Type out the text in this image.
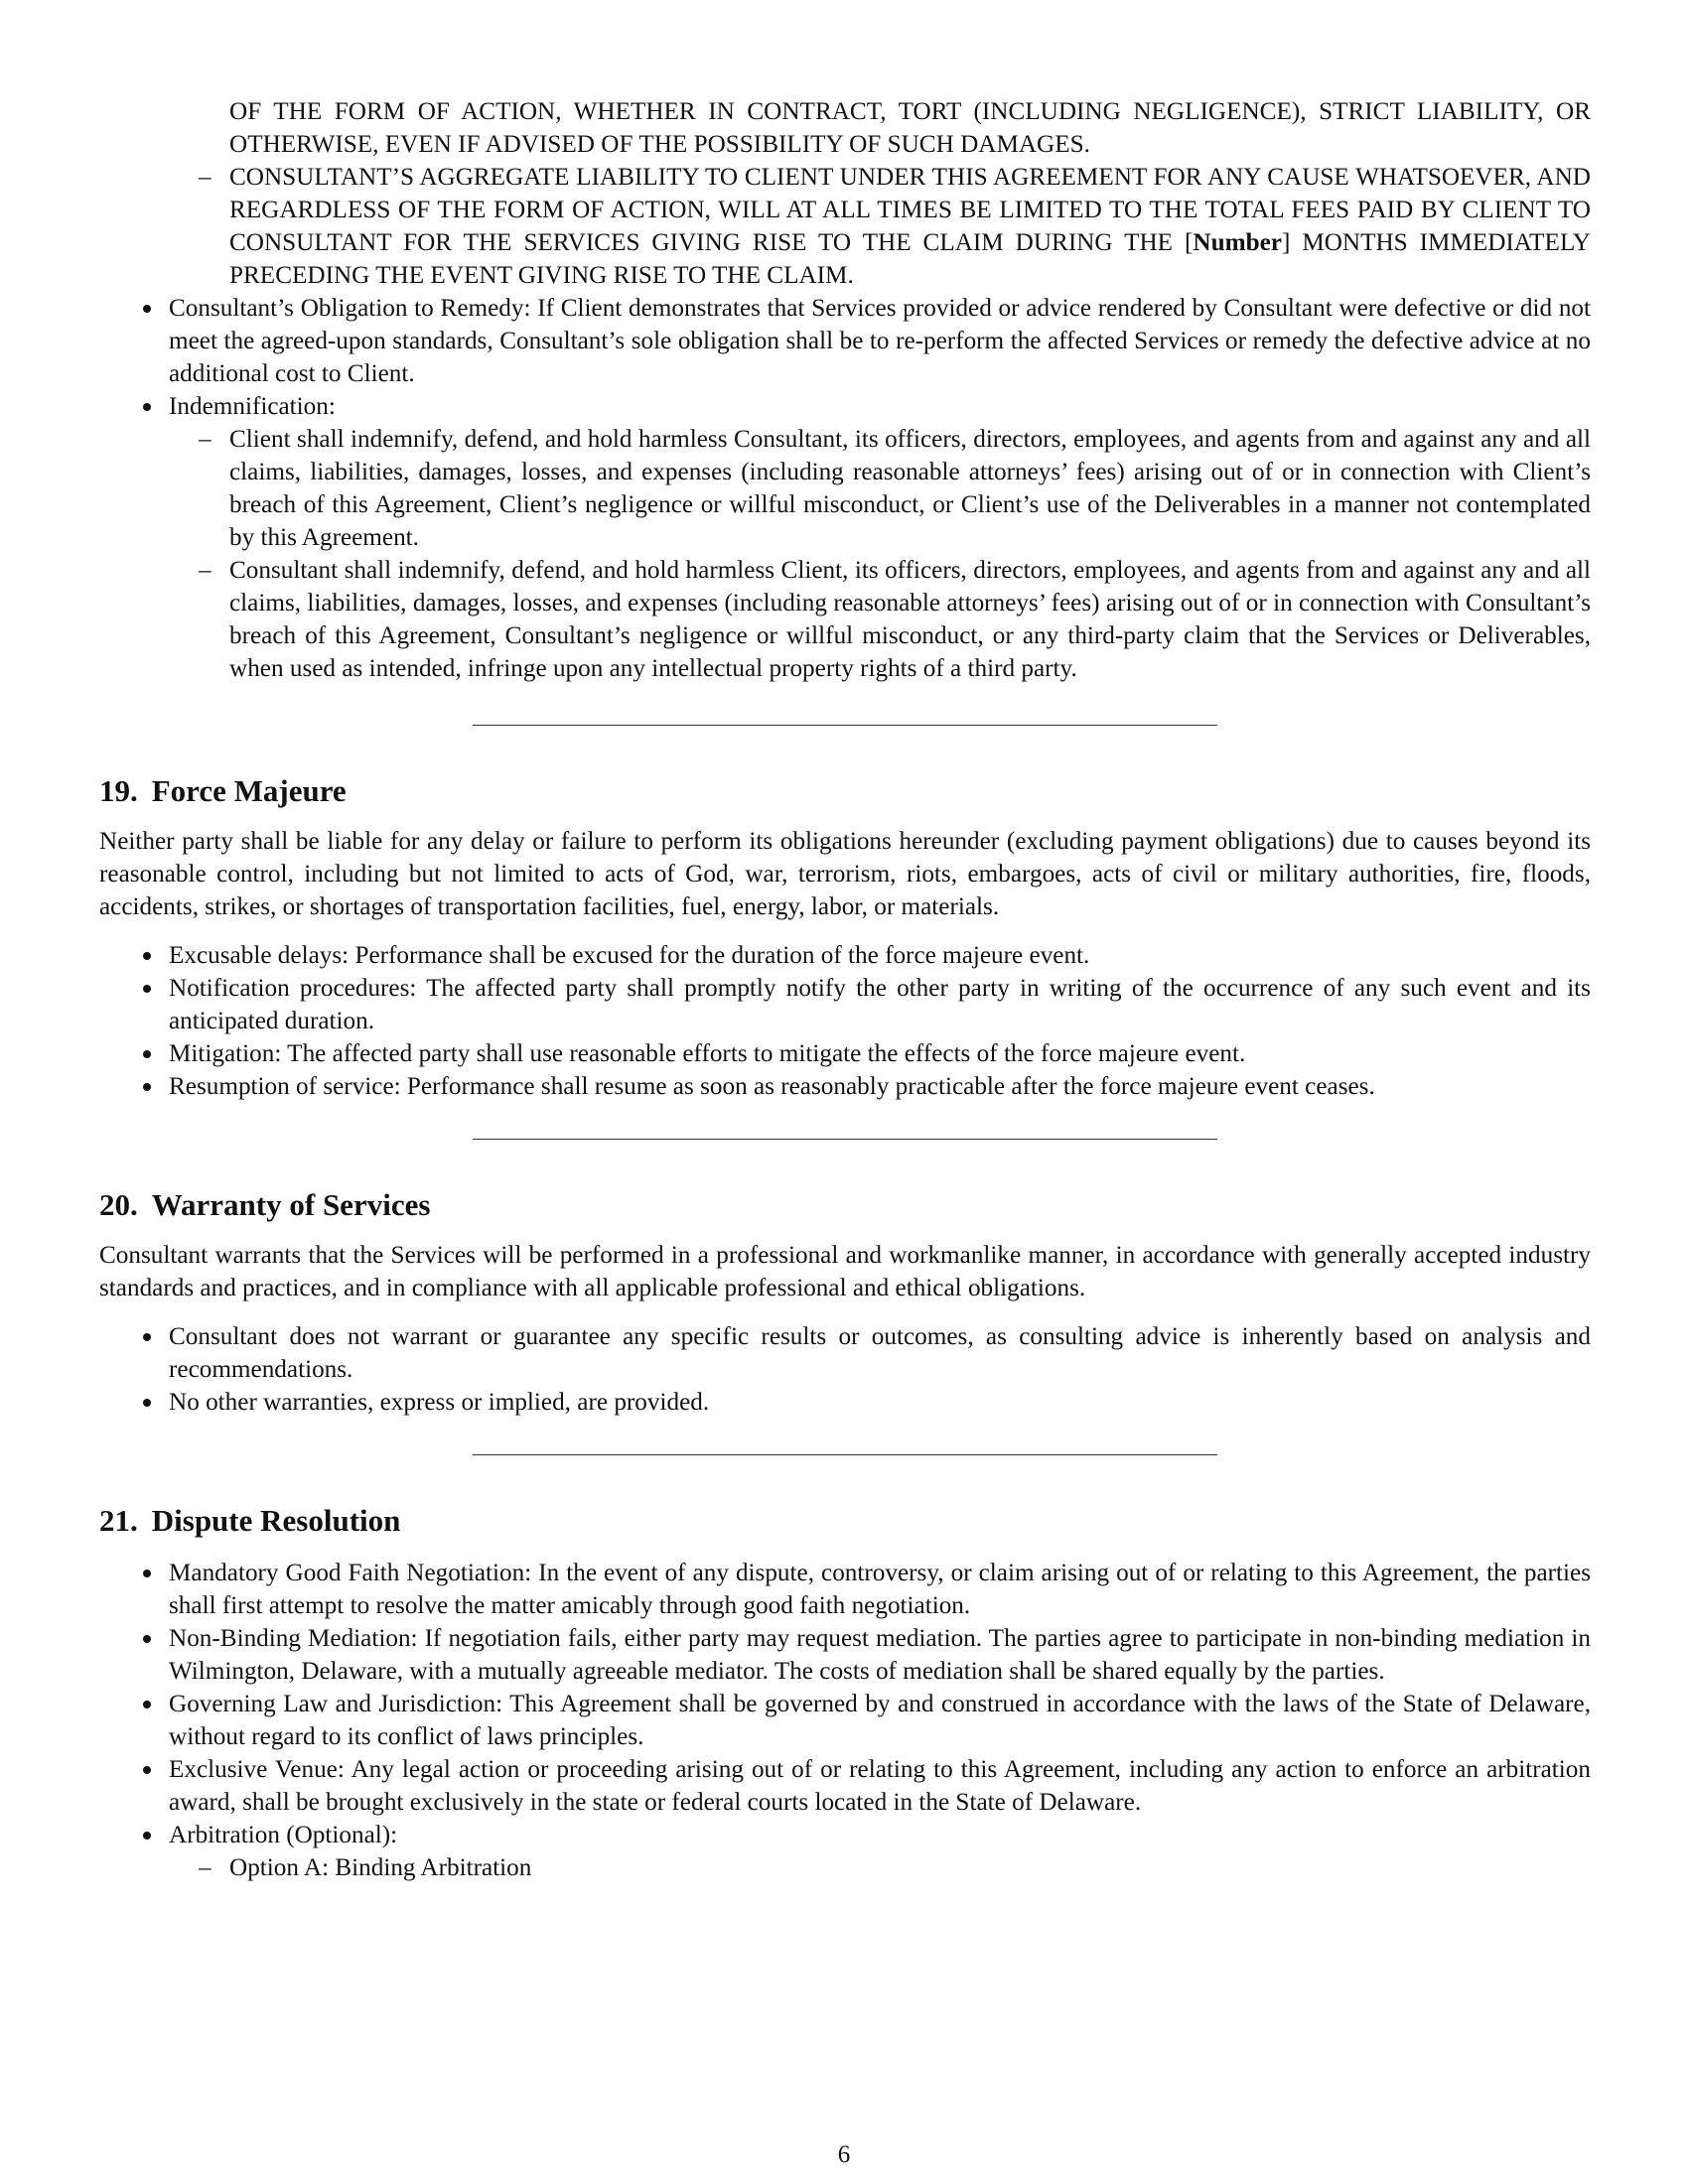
OF THE FORM OF ACTION, WHETHER IN CONTRACT, TORT (INCLUDING NEGLIGENCE), STRICT LIABILITY, OR OTHERWISE, EVEN IF ADVISED OF THE POSSIBILITY OF SUCH DAMAGES.
– CONSULTANT’S AGGREGATE LIABILITY TO CLIENT UNDER THIS AGREEMENT FOR ANY CAUSE WHATSOEVER, AND REGARDLESS OF THE FORM OF ACTION, WILL AT ALL TIMES BE LIMITED TO THE TOTAL FEES PAID BY CLIENT TO CONSULTANT FOR THE SERVICES GIVING RISE TO THE CLAIM DURING THE [Number] MONTHS IMMEDIATELY PRECEDING THE EVENT GIVING RISE TO THE CLAIM.

Consultant’s Obligation to Remedy: If Client demonstrates that Services provided or advice rendered by Consultant were defective or did not meet the agreed-upon standards, Consultant’s sole obligation shall be to re-perform the affected Services or remedy the defective advice at no additional cost to Client.

Indemnification:

– Client shall indemnify, defend, and hold harmless Consultant, its officers, directors, employees, and agents from and against any and all claims, liabilities, damages, losses, and expenses (including reasonable attorneys’ fees) arising out of or in connection with Client’s breach of this Agreement, Client’s negligence or willful misconduct, or Client’s use of the Deliverables in a manner not contemplated by this Agreement.

– Consultant shall indemnify, defend, and hold harmless Client, its officers, directors, employees, and agents from and against any and all claims, liabilities, damages, losses, and expenses (including reasonable attorneys’ fees) arising out of or in connection with Consultant’s breach of this Agreement, Consultant’s negligence or willful misconduct, or any third-party claim that the Services or Deliverables, when used as intended, infringe upon any intellectual property rights of a third party.

19. Force Majeure

Neither party shall be liable for any delay or failure to perform its obligations hereunder (excluding payment obligations) due to causes beyond its reasonable control, including but not limited to acts of God, war, terrorism, riots, embargoes, acts of civil or military authorities, fire, floods, accidents, strikes, or shortages of transportation facilities, fuel, energy, labor, or materials.

Excusable delays: Performance shall be excused for the duration of the force majeure event.

Notification procedures: The affected party shall promptly notify the other party in writing of the occurrence of any such event and its anticipated duration.

Mitigation: The affected party shall use reasonable efforts to mitigate the effects of the force majeure event.

Resumption of service: Performance shall resume as soon as reasonably practicable after the force majeure event ceases.

20. Warranty of Services

Consultant warrants that the Services will be performed in a professional and workmanlike manner, in accordance with generally accepted industry standards and practices, and in compliance with all applicable professional and ethical obligations.

Consultant does not warrant or guarantee any specific results or outcomes, as consulting advice is inherently based on analysis and recommendations.

No other warranties, express or implied, are provided.

21. Dispute Resolution

Mandatory Good Faith Negotiation: In the event of any dispute, controversy, or claim arising out of or relating to this Agreement, the parties shall first attempt to resolve the matter amicably through good faith negotiation.

Non-Binding Mediation: If negotiation fails, either party may request mediation. The parties agree to participate in non-binding mediation in Wilmington, Delaware, with a mutually agreeable mediator. The costs of mediation shall be shared equally by the parties.

Governing Law and Jurisdiction: This Agreement shall be governed by and construed in accordance with the laws of the State of Delaware, without regard to its conflict of laws principles.

Exclusive Venue: Any legal action or proceeding arising out of or relating to this Agreement, including any action to enforce an arbitration award, shall be brought exclusively in the state or federal courts located in the State of Delaware.

Arbitration (Optional):

– Option A: Binding Arbitration

6
